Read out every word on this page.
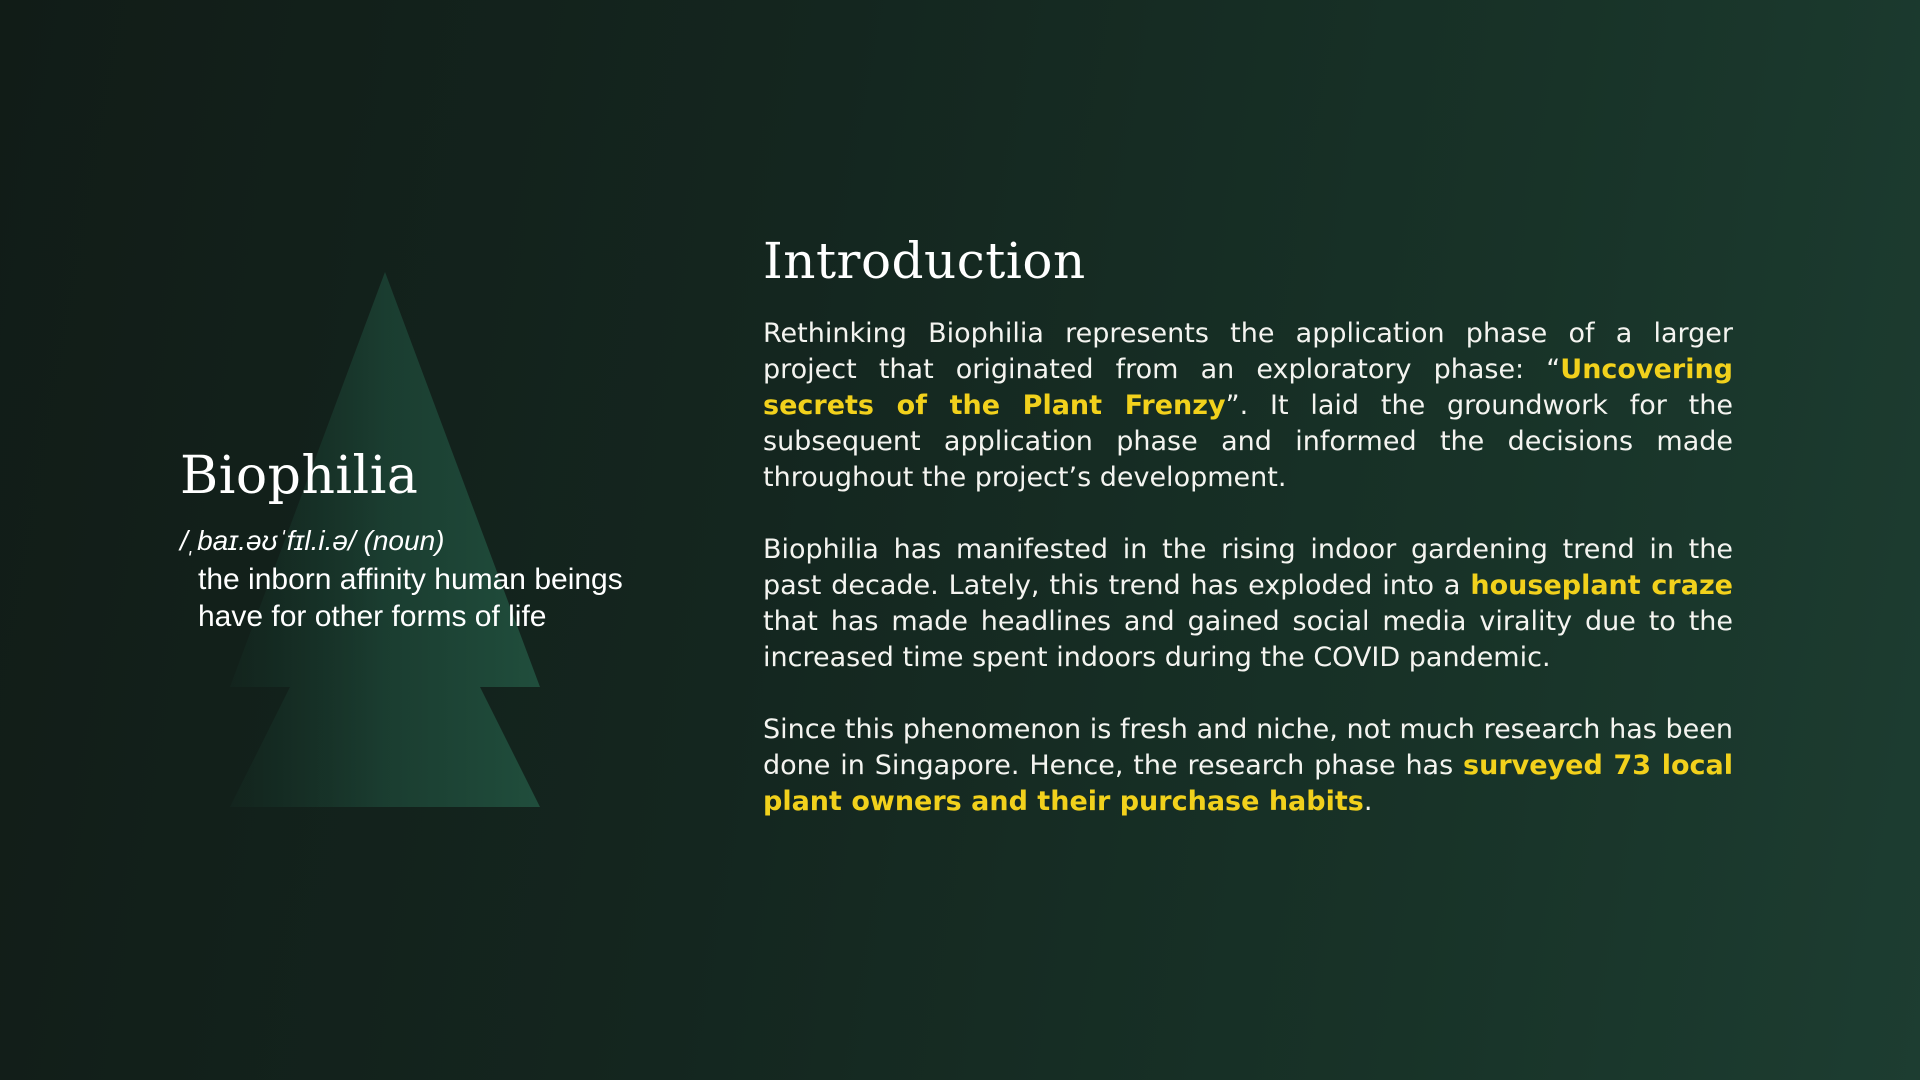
Biophilia

/ˌbaɪ.əʊˈfɪl.i.ə/ (noun)

the inborn affinity human beings have for other forms of life

Introduction

Rethinking Biophilia represents the application phase of a larger project that originated from an exploratory phase: “Uncovering secrets of the Plant Frenzy”. It laid the groundwork for the subsequent application phase and informed the decisions made throughout the project’s development.

Biophilia has manifested in the rising indoor gardening trend in the past decade. Lately, this trend has exploded into a houseplant craze that has made headlines and gained social media virality due to the increased time spent indoors during the COVID pandemic.

Since this phenomenon is fresh and niche, not much research has been done in Singapore. Hence, the research phase has surveyed 73 local plant owners and their purchase habits.
